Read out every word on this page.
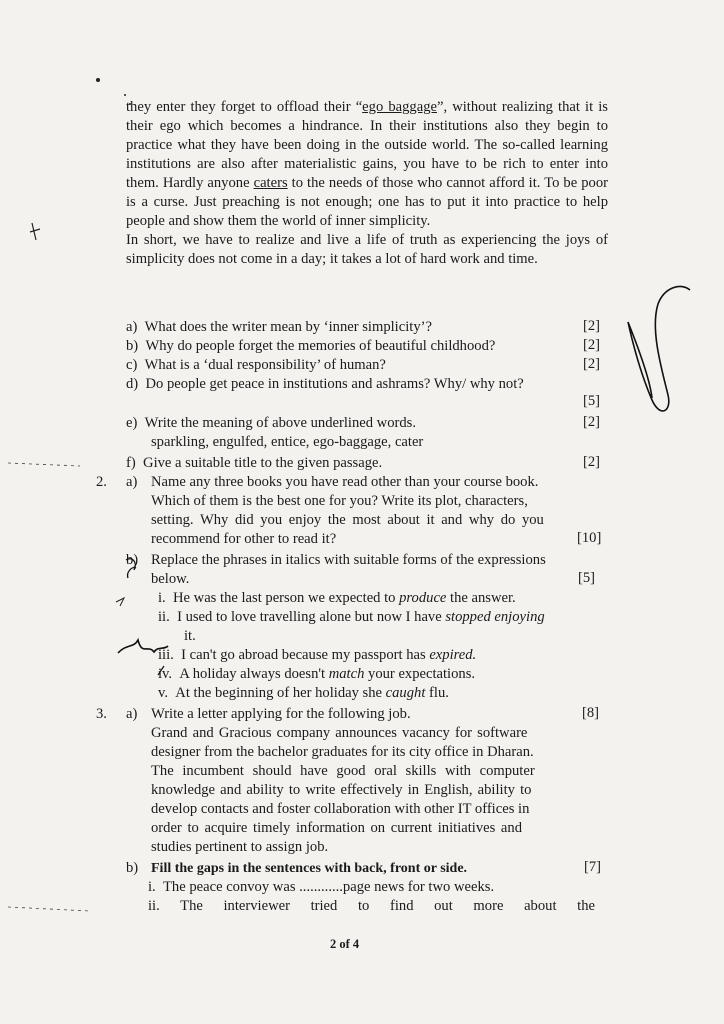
they enter they forget to offload their “ego baggage”, without realizing that it is their ego which becomes a hindrance. In their institutions also they begin to practice what they have been doing in the outside world. The so-called learning institutions are also after materialistic gains, you have to be rich to enter into them. Hardly anyone caters to the needs of those who cannot afford it. To be poor is a curse. Just preaching is not enough; one has to put it into practice to help people and show them the world of inner simplicity.

In short, we have to realize and live a life of truth as experiencing the joys of simplicity does not come in a day; it takes a lot of hard work and time.

a) What does the writer mean by ‘inner simplicity’?	[2]
b) Why do people forget the memories of beautiful childhood?	[2]
c) What is a ‘dual responsibility’ of human?	[2]
d) Do people get peace in institutions and ashrams? Why/ why not?
[5]
e) Write the meaning of above underlined words.	[2]
sparkling, engulfed, entice, ego-baggage, cater
f) Give a suitable title to the given passage.	[2]
2. a) Name any three books you have read other than your course book.
Which of them is the best one for you? Write its plot, characters,
setting. Why did you enjoy the most about it and why do you
recommend for other to read it?	[10]
b) Replace the phrases in italics with suitable forms of the expressions
below.	[5]
i. He was the last person we expected to produce the answer.
ii. I used to love travelling alone but now I have stopped enjoying
it.
iii. I can't go abroad because my passport has expired.
iv. A holiday always doesn't match your expectations.
v. At the beginning of her holiday she caught flu.
3. a) Write a letter applying for the following job.	[8]
Grand and Gracious company announces vacancy for software
designer from the bachelor graduates for its city office in Dharan.
The incumbent should have good oral skills with computer
knowledge and ability to write effectively in English, ability to
develop contacts and foster collaboration with other IT offices in
order to acquire timely information on current initiatives and
studies pertinent to assign job.
b) Fill the gaps in the sentences with back, front or side.	[7]
i. The peace convoy was ............page news for two weeks.
ii. The interviewer tried to find out more about the
2 of 4
